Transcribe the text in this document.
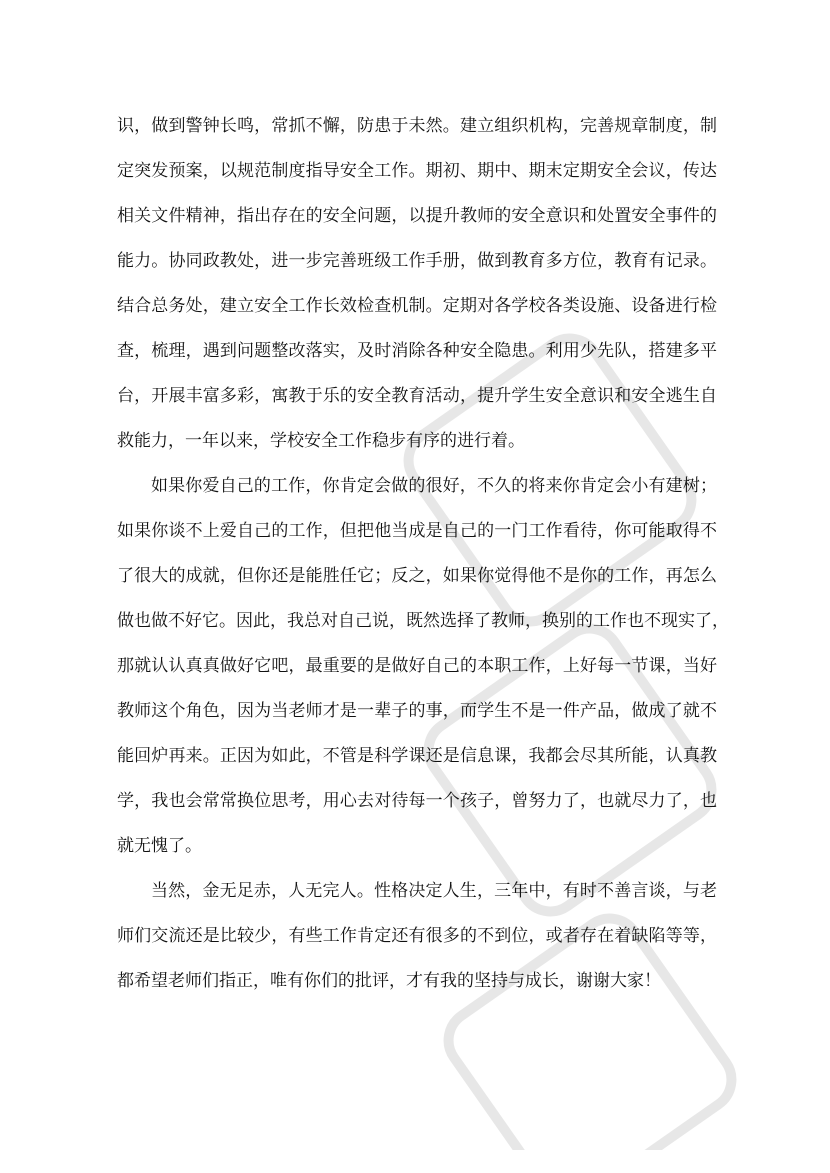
识，做到警钟长鸣，常抓不懈，防患于未然。建立组织机构，完善规章制度，制
定突发预案，以规范制度指导安全工作。期初、期中、期末定期安全会议，传达
相关文件精神，指出存在的安全问题，以提升教师的安全意识和处置安全事件的
能力。协同政教处，进一步完善班级工作手册，做到教育多方位，教育有记录。
结合总务处，建立安全工作长效检查机制。定期对各学校各类设施、设备进行检
查，梳理，遇到问题整改落实，及时消除各种安全隐患。利用少先队，搭建多平
台，开展丰富多彩，寓教于乐的安全教育活动，提升学生安全意识和安全逃生自
救能力，一年以来，学校安全工作稳步有序的进行着。
如果你爱自己的工作，你肯定会做的很好，不久的将来你肯定会小有建树；
如果你谈不上爱自己的工作，但把他当成是自己的一门工作看待，你可能取得不
了很大的成就，但你还是能胜任它；反之，如果你觉得他不是你的工作，再怎么
做也做不好它。因此，我总对自己说，既然选择了教师，换别的工作也不现实了，
那就认认真真做好它吧，最重要的是做好自己的本职工作，上好每一节课，当好
教师这个角色，因为当老师才是一辈子的事，而学生不是一件产品，做成了就不
能回炉再来。正因为如此，不管是科学课还是信息课，我都会尽其所能，认真教
学，我也会常常换位思考，用心去对待每一个孩子，曾努力了，也就尽力了，也
就无愧了。
当然，金无足赤，人无完人。性格决定人生，三年中，有时不善言谈，与老
师们交流还是比较少，有些工作肯定还有很多的不到位，或者存在着缺陷等等，
都希望老师们指正，唯有你们的批评，才有我的坚持与成长，谢谢大家！
